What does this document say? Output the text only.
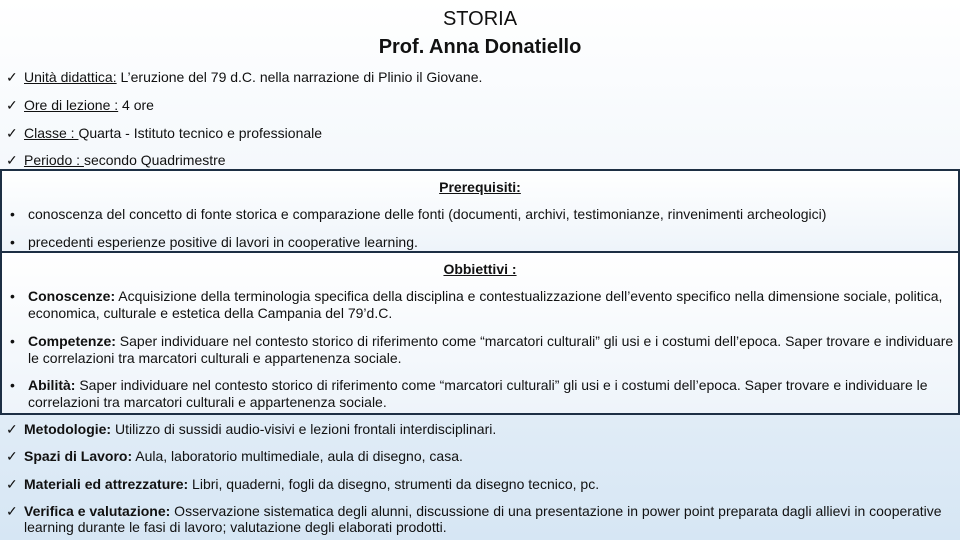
STORIA
Prof. Anna Donatiello
✓ Unità didattica: L’eruzione del 79 d.C. nella narrazione di Plinio il Giovane.
✓ Ore di lezione : 4 ore
✓ Classe : Quarta - Istituto tecnico e professionale
✓ Periodo : secondo Quadrimestre
Prerequisiti:
• conoscenza del concetto di fonte storica e comparazione delle fonti (documenti, archivi, testimonianze, rinvenimenti archeologici)
• precedenti esperienze positive di lavori in cooperative learning.
Obbiettivi :
• Conoscenze: Acquisizione della terminologia specifica della disciplina e contestualizzazione dell’evento specifico nella dimensione sociale, politica, economica, culturale e estetica della Campania del 79’d.C.
• Competenze: Saper individuare nel contesto storico di riferimento come “marcatori culturali” gli usi e i costumi dell’epoca. Saper trovare e individuare le correlazioni tra marcatori culturali e appartenenza sociale.
• Abilità: Saper individuare nel contesto storico di riferimento come “marcatori culturali” gli usi e i costumi dell’epoca. Saper trovare e individuare le correlazioni tra marcatori culturali e appartenenza sociale.
✓ Metodologie: Utilizzo di sussidi audio-visivi e lezioni frontali interdisciplinari.
✓ Spazi di Lavoro: Aula, laboratorio multimediale, aula di disegno, casa.
✓ Materiali ed attrezzature: Libri, quaderni, fogli da disegno, strumenti da disegno tecnico, pc.
✓ Verifica e valutazione: Osservazione sistematica degli alunni, discussione di una presentazione in power point preparata dagli allievi in cooperative learning durante le fasi di lavoro; valutazione degli elaborati prodotti.
